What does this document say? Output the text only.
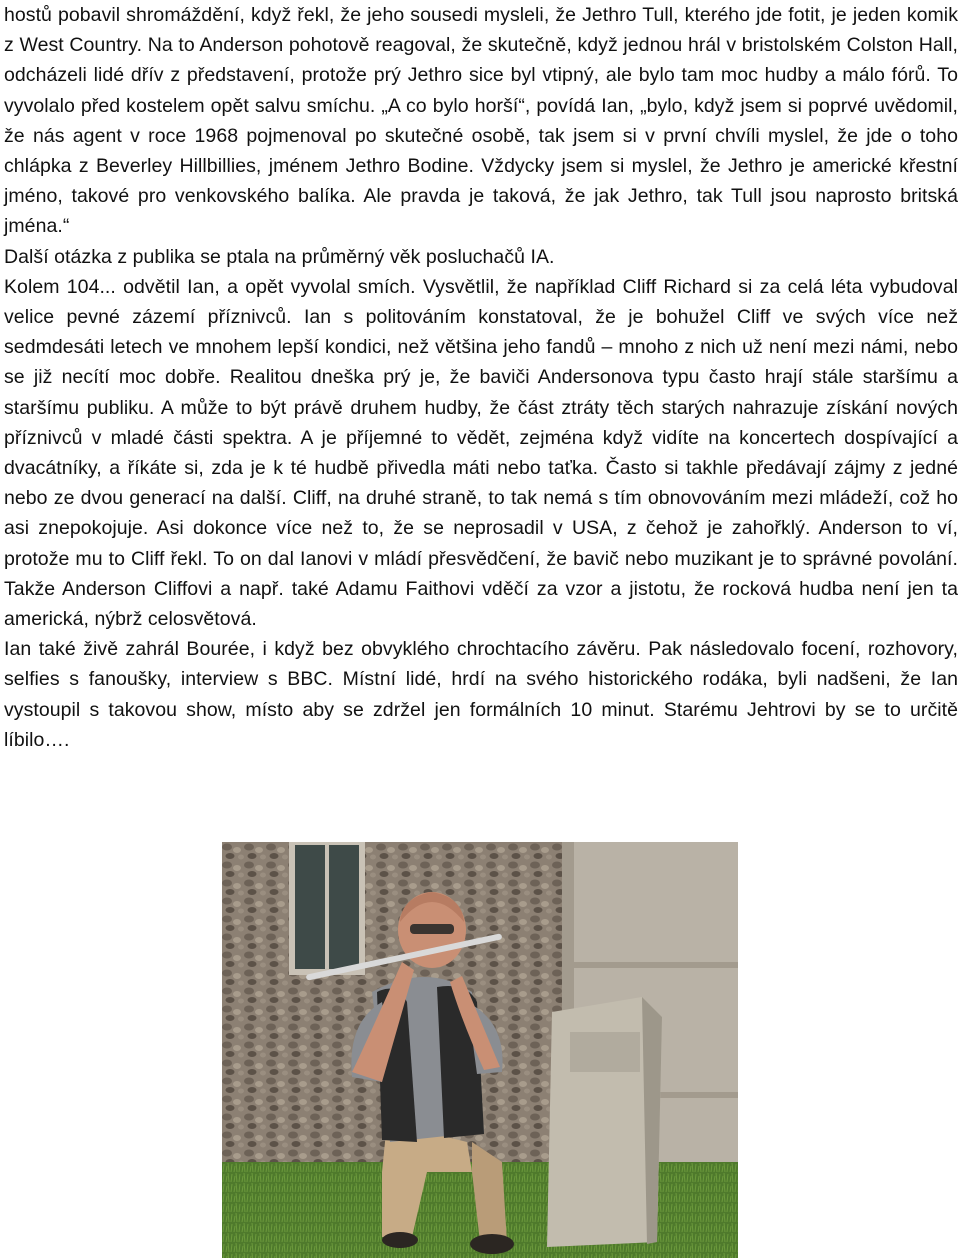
hostů pobavil shromáždění, když řekl, že jeho sousedi mysleli, že Jethro Tull, kterého jde fotit, je jeden komik z West Country. Na to Anderson pohotově reagoval, že skutečně, když jednou hrál v bristolském Colston Hall, odcházeli lidé dřív z představení, protože prý Jethro sice byl vtipný, ale bylo tam moc hudby a málo fórů. To vyvolalo před kostelem opět salvu smíchu. „A co bylo horší“, povídá Ian, „bylo, když jsem si poprvé uvědomil, že nás agent v roce 1968 pojmenoval po skutečné osobě, tak jsem si v první chvíli myslel, že jde o toho chlápka z Beverley Hillbillies, jménem Jethro Bodine. Vždycky jsem si myslel, že Jethro je americké křestní jméno, takové pro venkovského balíka. Ale pravda je taková, že jak Jethro, tak Tull jsou naprosto britská jména.“

Další otázka z publika se ptala na průměrný věk posluchačů IA.

Kolem 104... odvětil Ian, a opět vyvolal smích. Vysvětlil, že například Cliff Richard si za celá léta vybudoval velice pevné zázemí příznivců. Ian s politováním konstatoval, že je bohužel Cliff ve svých více než sedmdesáti letech ve mnohem lepší kondici, než většina jeho fandů – mnoho z nich už není mezi námi, nebo se již necítí moc dobře. Realitou dneška prý je, že baviči Andersonova typu často hrají stále staršímu a staršímu publiku. A může to být právě druhem hudby, že část ztráty těch starých nahrazuje získání nových příznivců v mladé části spektra. A je příjemné to vědět, zejména když vidíte na koncertech dospívající a dvacátníky, a říkáte si, zda je k té hudbě přivedla máti nebo taťka. Často si takhle předávají zájmy z jedné nebo ze dvou generací na další. Cliff, na druhé straně, to tak nemá s tím obnovováním mezi mládeží, což ho asi znepokojuje. Asi dokonce více než to, že se neprosadil v USA, z čehož je zahořklý. Anderson to ví, protože mu to Cliff řekl. To on dal Ianovi v mládí přesvědčení, že bavič nebo muzikant je to správné povolání. Takže Anderson Cliffovi a např. také Adamu Faithovi vděčí za vzor a jistotu, že rocková hudba není jen ta americká, nýbrž celosvětová.

Ian také živě zahrál Bourée, i když bez obvyklého chrochtacího závěru. Pak následovalo focení, rozhovory, selfies s fanoušky, interview s BBC. Místní lidé, hrdí na svého historického rodáka, byli nadšeni, že Ian vystoupil s takovou show, místo aby se zdržel jen formálních 10 minut. Starému Jehtrovi by se to určitě líbilo….
